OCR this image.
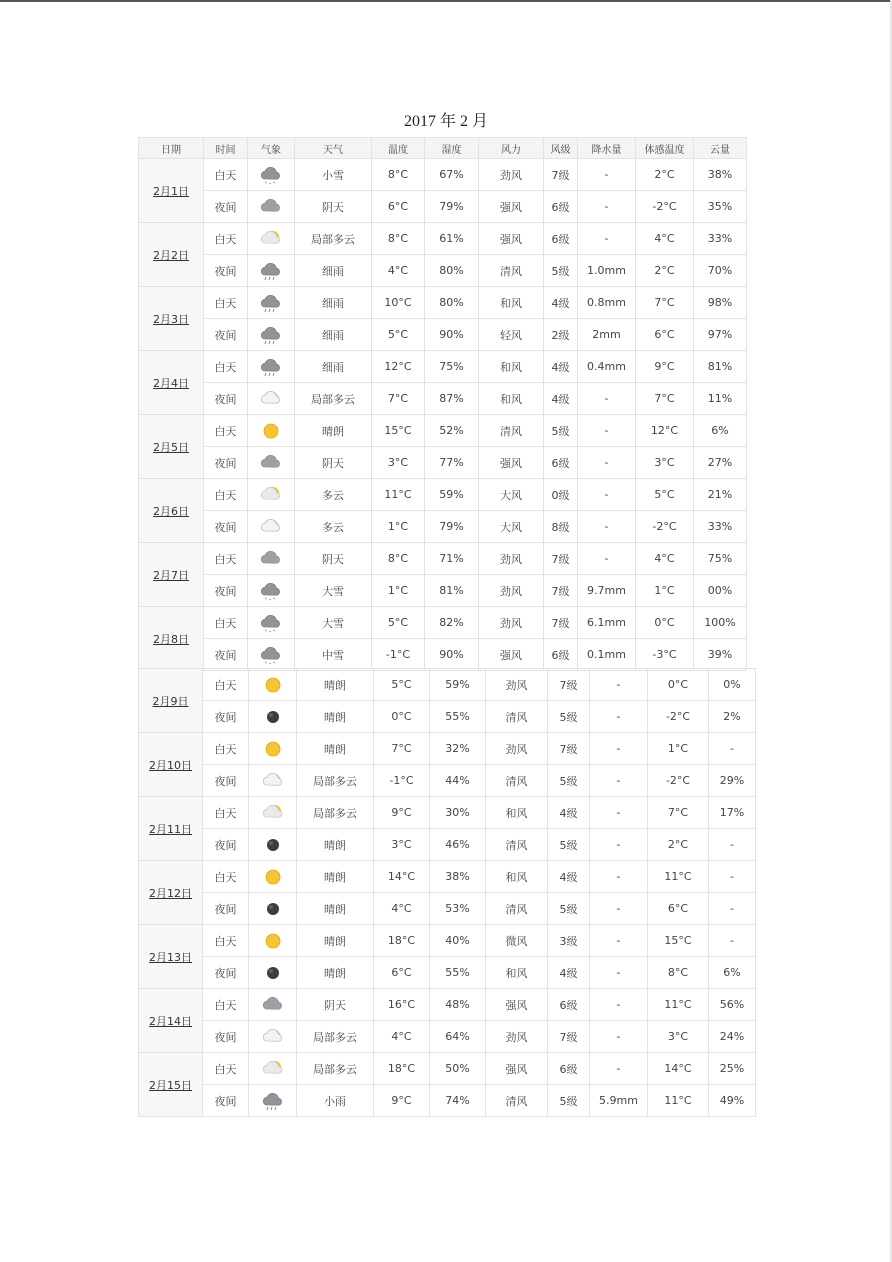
2017 年 2 月
日期	时间	气象	天气	温度	湿度	风力	风级	降水量	体感温度	云量
2月1日	白天		小雪	8°C	67%	劲风	7级	-	2°C	38%
	夜间		阴天	6°C	79%	强风	6级	-	-2°C	35%
2月2日	白天		局部多云	8°C	61%	强风	6级	-	4°C	33%
	夜间		细雨	4°C	80%	清风	5级	1.0mm	2°C	70%
2月3日	白天		细雨	10°C	80%	和风	4级	0.8mm	7°C	98%
	夜间		细雨	5°C	90%	轻风	2级	2mm	6°C	97%
2月4日	白天		细雨	12°C	75%	和风	4级	0.4mm	9°C	81%
	夜间		局部多云	7°C	87%	和风	4级	-	7°C	11%
2月5日	白天		晴朗	15°C	52%	清风	5级	-	12°C	6%
	夜间		阴天	3°C	77%	强风	6级	-	3°C	27%
2月6日	白天		多云	11°C	59%	大风	0级	-	5°C	21%
	夜间		多云	1°C	79%	大风	8级	-	-2°C	33%
2月7日	白天		阴天	8°C	71%	劲风	7级	-	4°C	75%
	夜间		大雪	1°C	81%	劲风	7级	9.7mm	1°C	00%
2月8日	白天		大雪	5°C	82%	劲风	7级	6.1mm	0°C	100%
	夜间		中雪	-1°C	90%	强风	6级	0.1mm	-3°C	39%
2月9日	白天		晴朗	5°C	59%	劲风	7级	-	0°C	0%
	夜间		晴朗	0°C	55%	清风	5级	-	-2°C	2%
2月10日	白天		晴朗	7°C	32%	劲风	7级	-	1°C	-
	夜间		局部多云	-1°C	44%	清风	5级	-	-2°C	29%
2月11日	白天		局部多云	9°C	30%	和风	4级	-	7°C	17%
	夜间		晴朗	3°C	46%	清风	5级	-	2°C	-
2月12日	白天		晴朗	14°C	38%	和风	4级	-	11°C	-
	夜间		晴朗	4°C	53%	清风	5级	-	6°C	-
2月13日	白天		晴朗	18°C	40%	微风	3级	-	15°C	-
	夜间		晴朗	6°C	55%	和风	4级	-	8°C	6%
2月14日	白天		阴天	16°C	48%	强风	6级	-	11°C	56%
	夜间		局部多云	4°C	64%	劲风	7级	-	3°C	24%
2月15日	白天		局部多云	18°C	50%	强风	6级	-	14°C	25%
	夜间		小雨	9°C	74%	清风	5级	5.9mm	11°C	49%
